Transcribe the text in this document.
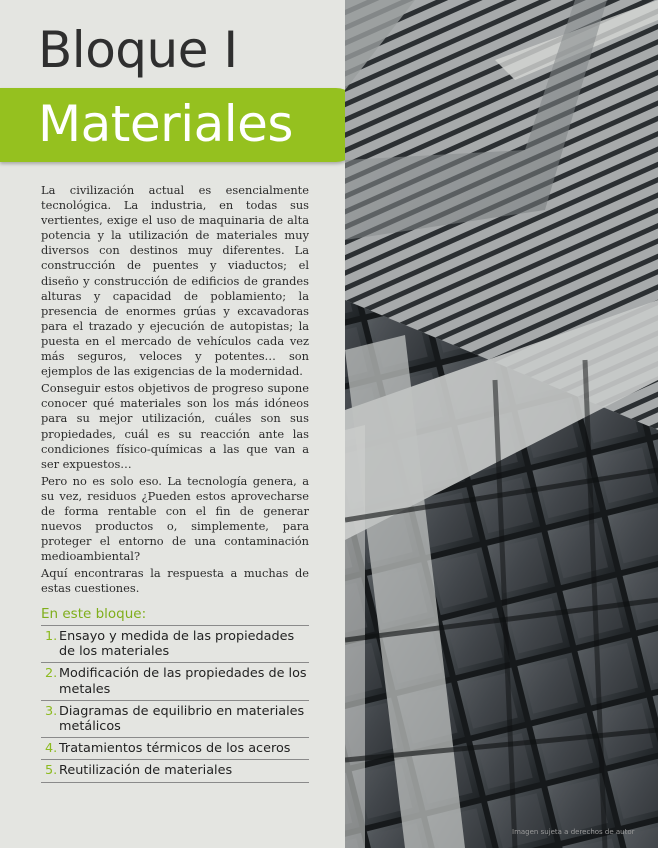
Bloque I
Materiales

La civilización actual es esencialmente tecnológica. La industria, en todas sus vertientes, exige el uso de maquinaria de alta potencia y la utilización de materiales muy diversos con destinos muy diferentes. La construcción de puentes y viaductos; el diseño y construcción de edificios de grandes alturas y capacidad de poblamiento; la presencia de enormes grúas y excavadoras para el trazado y ejecución de autopistas; la puesta en el mercado de vehículos cada vez más seguros, veloces y potentes… son ejemplos de las exigencias de la modernidad.

Conseguir estos objetivos de progreso supone conocer qué materiales son los más idóneos para su mejor utilización, cuáles son sus propiedades, cuál es su reacción ante las condiciones físico-químicas a las que van a ser expuestos…

Pero no es solo eso. La tecnología genera, a su vez, residuos ¿Pueden estos aprovecharse de forma rentable con el fin de generar nuevos productos o, simplemente, para proteger el entorno de una contaminación medioambiental?

Aquí encontraras la respuesta a muchas de estas cuestiones.

En este bloque:
1. Ensayo y medida de las propiedades de los materiales
2. Modificación de las propiedades de los metales
3. Diagramas de equilibrio en materiales metálicos
4. Tratamientos térmicos de los aceros
5. Reutilización de materiales
Imagen sujeta a derechos de autor
